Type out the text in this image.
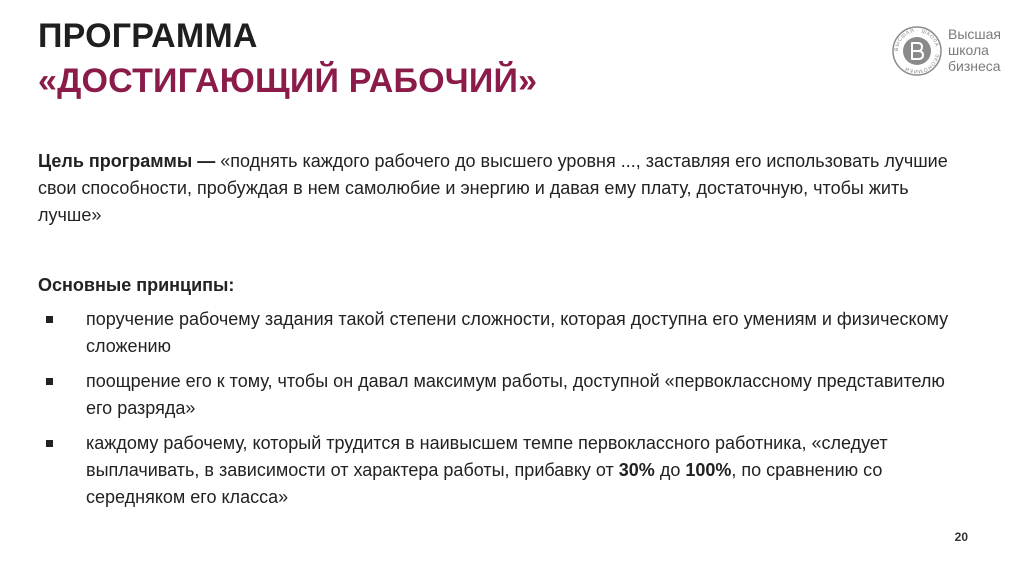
ПРОГРАММА
«ДОСТИГАЮЩИЙ РАБОЧИЙ»
ВЫСШАЯ · ШКОЛА · ЭКОНОМИКИ
Высшая
школа
бизнеса

Цель программы — «поднять каждого рабочего до высшего уровня ..., заставляя его использовать лучшие свои способности, пробуждая в нем самолюбие и энергию и давая ему плату, достаточную, чтобы жить лучше»

Основные принципы:

поручение рабочему задания такой степени сложности, которая доступна его умениям и физическому сложению
поощрение его к тому, чтобы он давал максимум работы, доступной «первоклассному представителю его разряда»
каждому рабочему, который трудится в наивысшем темпе первоклассного работника, «следует выплачивать, в зависимости от характера работы, прибавку от 30% до 100%, по сравнению со середняком его класса»
20
